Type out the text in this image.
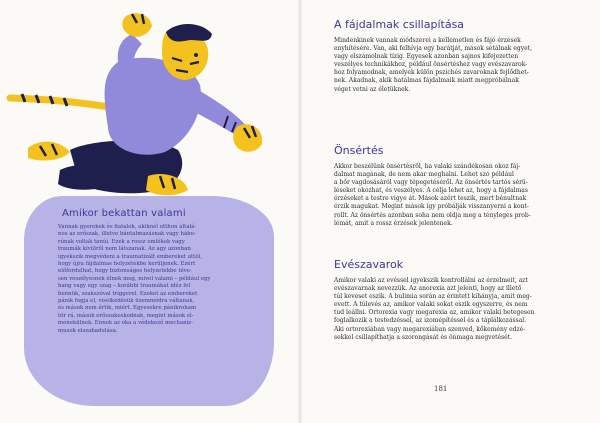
Amikor bekattan valami
Vannak gyerekek és fiatalok, akiknél otthon általá-
nos az erőszak, illetve bántalmazásnak vagy hábo-
rúnak voltak tanúi. Ezek a rossz emlékek vagy
traumák kívülről nem látszanak. Az agy azonban
igyekszik megvédeni a traumatizált embereket attól,
hogy újra fájdalmas helyzetekbe kerüljenek. Ezért
előfordulhat, hogy biztonságos helyzetekbe téve-
sen veszélyesnek élnek meg, mivel valami – például egy
hang vagy egy szag – korábbi traumákat idéz fel
bennük, szakszóval triggerel. Ezeket az embereket
pánik fogja el, viselkedésük üzemmódra váltanak,
és mások nem értik, miért. Egyesekre pánikroham
tör rá, mások erőszakoskodnak, megint mások el-
menekülnek. Ennek az oka a védekező mechaniz-
musok elszabadulása.
A fájdalmak csillapítása
Mindenkinek vannak módszerei a kellemetlen és fájó érzések
enyhítésére. Van, aki felhívja egy barátját, mások sétálnak egyet,
vagy elszámolnak tízig. Egyesek azonban sajnos kifejezetten
veszélyes technikákhoz, például önsértéshez vagy evészavarok-
hoz folyamodnak, amelyek külön pszichés zavaroknak fejlődhet-
nek. Akadnak, akik hatalmas fájdalmaik miatt megpróbálnak
véget vetni az életüknek.
Önsértés
Akkor beszélünk önsértésről, ha valaki szándékosan okoz fáj-
dalmat magának, de nem akar meghalni. Lehet szó például
a bőr vagdosásáról vagy tépegetéséről. Az önsértés tartós sérü-
léseket okozhat, és veszélyes. A célja lehet az, hogy a fájdalmas
érzéseket a testre vigye át. Mások azért teszik, mert bénultnak
érzik magukat. Megint mások így próbálják visszanyerni a kont-
rollt. Az önsértés azonban soha nem oldja meg a tényleges prob-
lémát, amit a rossz érzések jelentenek.
Evészavarok
Amikor valaki az evéssel igyekszik kontrollálni az érzelmeit, azt
evészavarnak nevezzük. Az anorexia azt jelenti, hogy az illető
túl keveset eszik. A bulimia során az érintett kihányja, amit meg-
evett. A túlevés az, amikor valaki sokat eszik egyszerre, és nem
tud leállni. Ortorexia vagy megarexia az, amikor valaki betegesen
foglalkozik a testedzéssel, az izomépítéssel és a táplálkozással.
Aki ortorexiában vagy megarexiában szenved, kőkemény edzé-
sekkel csillapíthatja a szorongását és önmaga megvetését.
181
